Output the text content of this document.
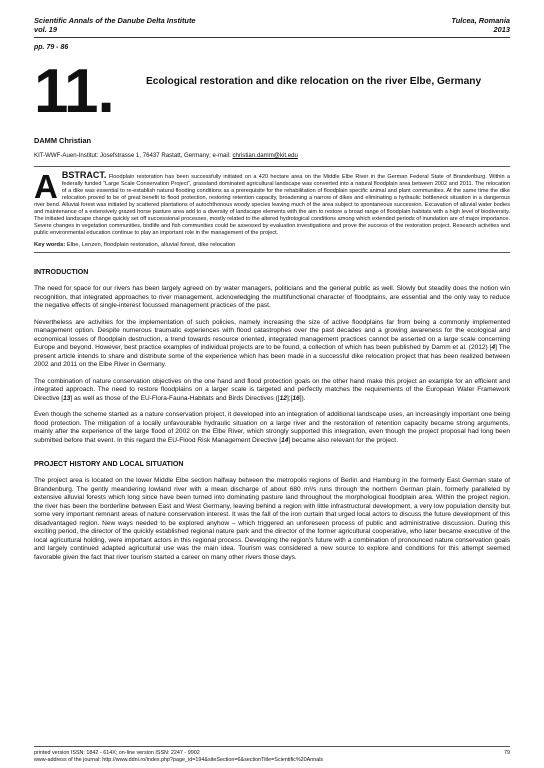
Scientific Annals of the Danube Delta Institute
vol. 19
Tulcea, Romania
2013
pp. 79 - 86
11.	Ecological restoration and dike relocation on the river Elbe, Germany
DAMM Christian
KIT-WWF-Auen-Institut: Josefstrasse 1, 76437 Rastatt, Germany; e-mail: christian.damm@kit.edu
ABSTRACT. Floodplain restoration has been successfully initiated on a 420 hectare area on the Middle Elbe River in the German Federal State of Brandenburg. Within a federally funded “Large Scale Conservation Project”, grassland dominated agricultural landscape was converted into a natural floodplain area between 2002 and 2011. The relocation of a dike was essential to re-establish natural flooding conditions as a prerequisite for the rehabilitation of floodplain specific animal and plant communities. At the same time the dike relocation proved to be of great benefit to flood protection, restoring retention capacity, broadening a narrow of dikes and eliminating a hydraulic bottleneck situation in a dangerous river bend. Alluvial forest was initiated by scattered plantations of autochthonous woody species leaving much of the area subject to spontaneous succession. Excavation of alluvial water bodies and maintenance of a extensively grazed horse pasture area add to a diversity of landscape elements with the aim to restore a broad range of floodplain habitats with a high level of biodiversity. The initiated landscape change quickly set off successional processes, mostly related to the altered hydrological conditions among which extended periods of inundation are of major importance. Severe changes in vegetation communities, birdlife and fish communities could be assessed by evaluation investigations and prove the success of the restoration project. Research activities and public environmental education continue to play an important role in the management of the project.
Key words: Elbe, Lenzen, floodplain restoration, alluvial forest, dike relocation
INTRODUCTION
The need for space for our rivers has been largely agreed on by water managers, politicians and the general public as well. Slowly but steadily does the notion win recognition, that integrated approaches to river management, acknowledging the multifunctional character of floodplains, are essential and the only way to reduce the negative effects of single-interest focussed management practices of the past.
Nevertheless are activities for the implementation of such policies, namely increasing the size of active floodplains far from being a commonly implemented management option. Despite numerous traumatic experiences with flood catastrophes over the past decades and a growing awareness for the ecological and economical losses of floodplain destruction, a trend towards resource oriented, integrated management practices cannot be asserted on a large scale concerning Europe and beyond. However, best practice examples of individual projects are to be found, a collection of which has been published by Damm et al. (2012) [4] The present article intends to share and distribute some of the experience which has been made in a successful dike relocation project that has been realized between 2002 and 2011 on the Elbe River in Germany.
The combination of nature conservation objectives on the one hand and flood protection goals on the other hand make this project an example for an efficient and integrated approach. The need to restore floodplains on a larger scale is targeted and perfectly matches the requirements of the European Water Framework Directive [13] as well as those of the EU-Flora-Fauna-Habitats and Birds Directives ([12];[16]).
Even though the scheme started as a nature conservation project, it developed into an integration of additional landscape uses, an increasingly important one being flood protection. The mitigation of a locally unfavourable hydraulic situation on a large river and the restoration of retention capacity became strong arguments, mainly after the experience of the large flood of 2002 on the Elbe River, which strongly supported this integration, even though the project proposal had long been submitted before that event. In this regard the EU-Flood Risk Management Directive [14] became also relevant for the project.
PROJECT HISTORY AND LOCAL SITUATION
The project area is located on the lower Middle Elbe section halfway between the metropolis regions of Berlin and Hamburg in the formerly East German state of Brandenburg. The gently meandering lowland river with a mean discharge of about 680 m³/s runs through the northern German plain, formerly paralleled by extensive alluvial forests which long since have been turned into dominating pasture land throughout the morphological floodplain area. Within the project region, the river has been the borderline between East and West Germany, leaving behind a region with little infrastructural development, a very low population density but some very important remnant areas of nature conservation interest. It was the fall of the iron curtain that urged local actors to discuss the future development of this disadvantaged region. New ways needed to be explored anyhow – which triggered an unforeseen process of public and administrative discussion. During this exciting period, the director of the quickly established regional nature park and the director of the former agricultural cooperative, who later became executive of the local agricultural holding, were important actors in this regional process. Developing the region's future with a combination of pronounced nature conservation goals and largely continued adapted agricultural use was the main idea. Tourism was considered a new source to explore and conditions for this attempt seemed favorable given the fact that river tourism started a career on many other rivers those days.
printed version ISSN: 1842 - 614X; on-line version ISSN: 2247 - 9902
www-address of the journal: http://www.ddni.ro/index.php?page_id=194&siteSection=6&sectionTitle=Scientific%20Annals
79
